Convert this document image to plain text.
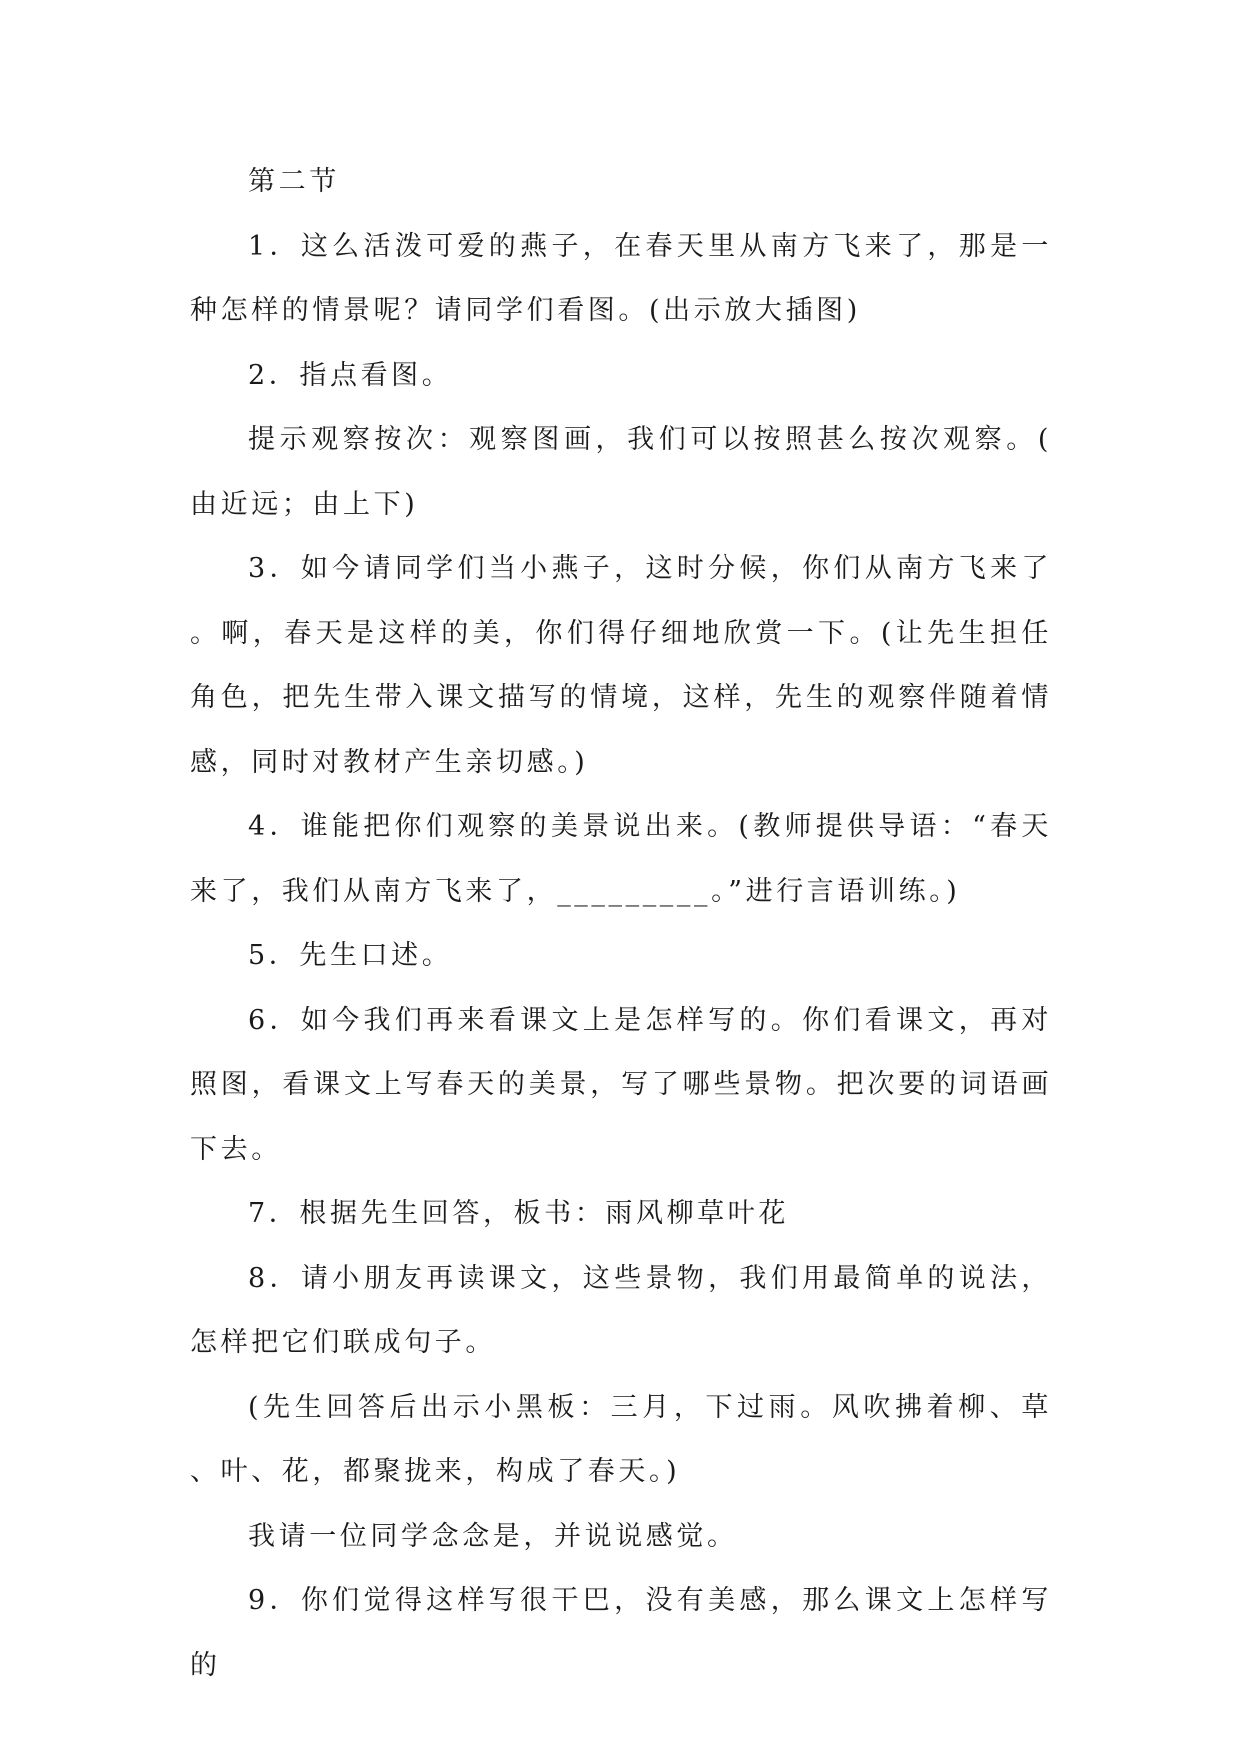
第二节

1．这么活泼可爱的燕子，在春天里从南方飞来了，那是一种怎样的情景呢？请同学们看图。(出示放大插图)

2．指点看图。

提示观察按次：观察图画，我们可以按照甚么按次观察。(由近远；由上下)

3．如今请同学们当小燕子，这时分候，你们从南方飞来了。啊，春天是这样的美，你们得仔细地欣赏一下。(让先生担任角色，把先生带入课文描写的情境，这样，先生的观察伴随着情感，同时对教材产生亲切感。)

4．谁能把你们观察的美景说出来。(教师提供导语：“春天来了，我们从南方飞来了，_________。”进行言语训练。)

5．先生口述。

6．如今我们再来看课文上是怎样写的。你们看课文，再对照图，看课文上写春天的美景，写了哪些景物。把次要的词语画下去。

7．根据先生回答，板书：雨风柳草叶花

8．请小朋友再读课文，这些景物，我们用最简单的说法，怎样把它们联成句子。

(先生回答后出示小黑板：三月，下过雨。风吹拂着柳、草、叶、花，都聚拢来，构成了春天。)

我请一位同学念念是，并说说感觉。

9．你们觉得这样写很干巴，没有美感，那么课文上怎样写的
